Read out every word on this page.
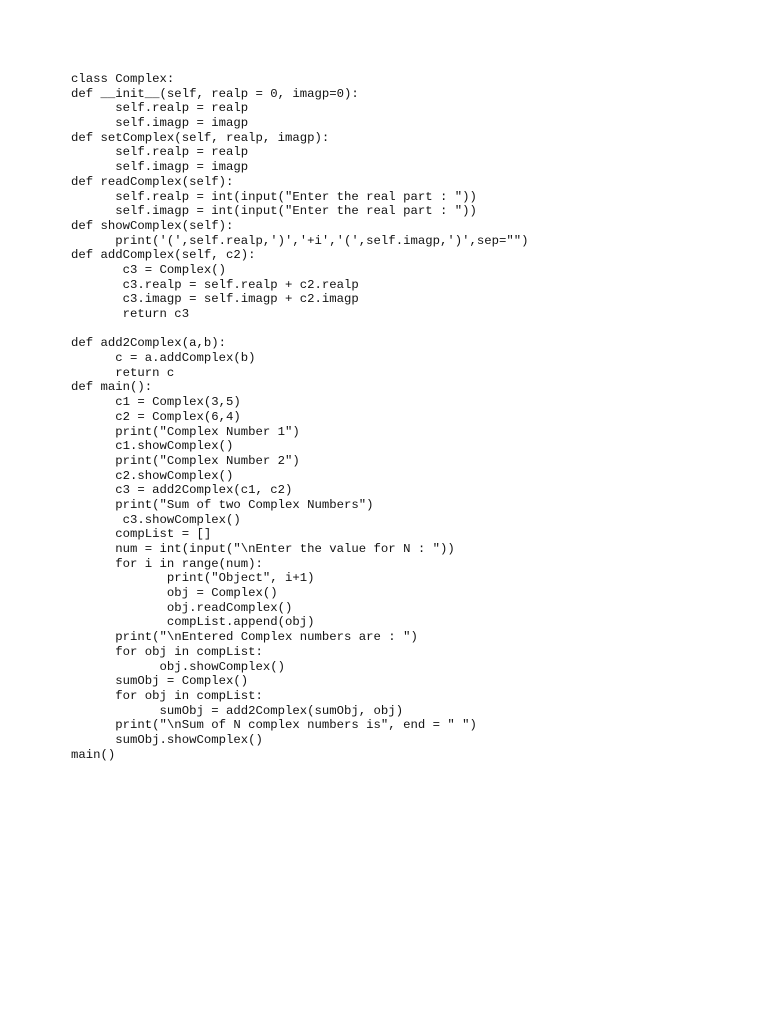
class Complex:
def __init__(self, realp = 0, imagp=0):
self.realp = realp
self.imagp = imagp
def setComplex(self, realp, imagp):
self.realp = realp
self.imagp = imagp
def readComplex(self):
self.realp = int(input("Enter the real part : "))
self.imagp = int(input("Enter the real part : "))
def showComplex(self):
print('(',self.realp,')','+i','(',self.imagp,')',sep="")
def addComplex(self, c2):
c3 = Complex()
c3.realp = self.realp + c2.realp
c3.imagp = self.imagp + c2.imagp
return c3
def add2Complex(a,b):
c = a.addComplex(b)
return c
def main():
c1 = Complex(3,5)
c2 = Complex(6,4)
print("Complex Number 1")
c1.showComplex()
print("Complex Number 2")
c2.showComplex()
c3 = add2Complex(c1, c2)
print("Sum of two Complex Numbers")
c3.showComplex()
compList = []
num = int(input("\nEnter the value for N : "))
for i in range(num):
print("Object", i+1)
obj = Complex()
obj.readComplex()
compList.append(obj)
print("\nEntered Complex numbers are : ")
for obj in compList:
obj.showComplex()
sumObj = Complex()
for obj in compList:
sumObj = add2Complex(sumObj, obj)
print("\nSum of N complex numbers is", end = " ")
sumObj.showComplex()
main()
